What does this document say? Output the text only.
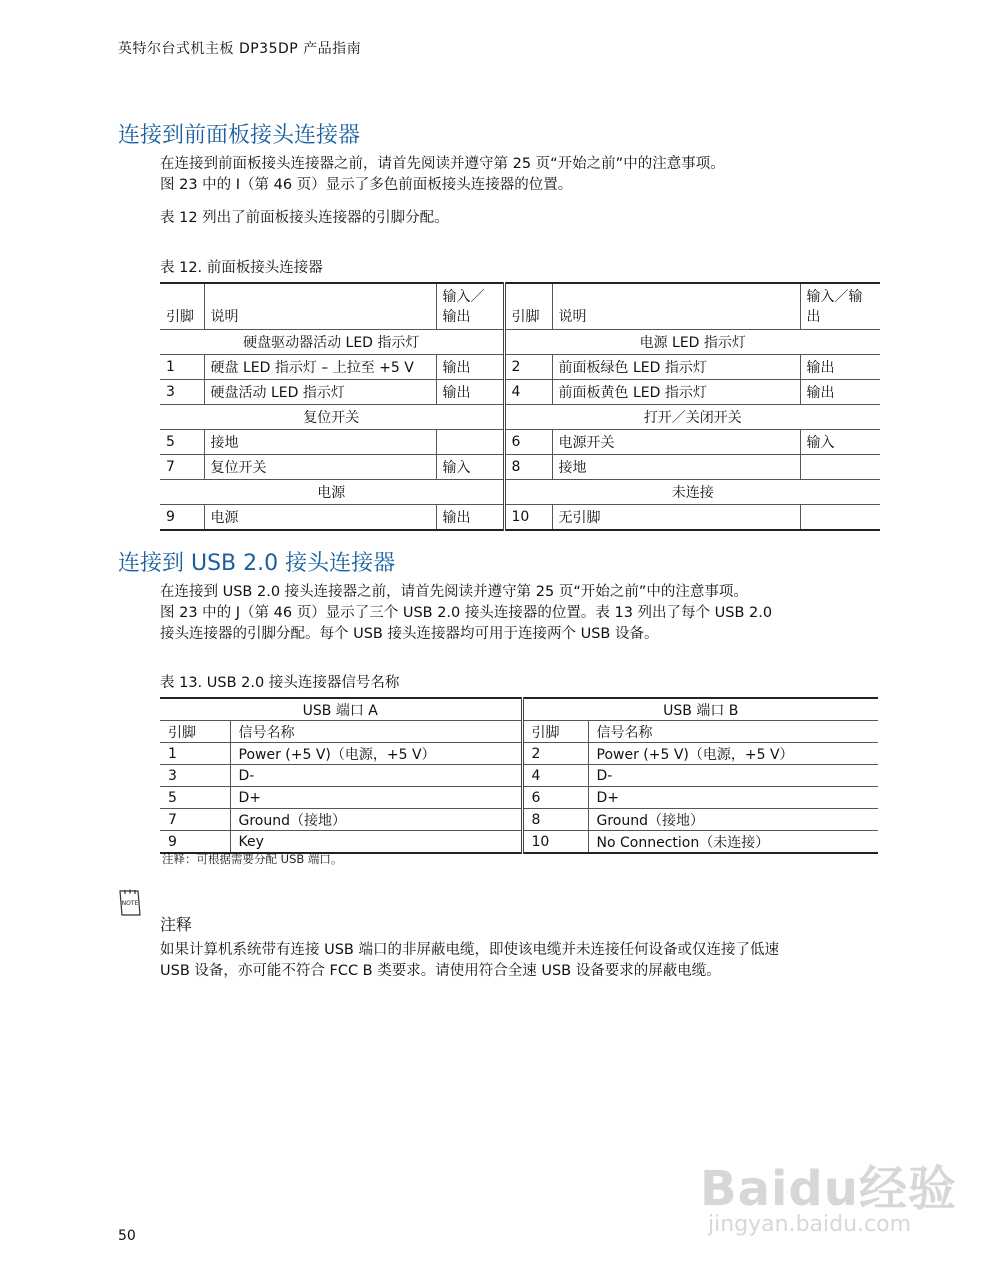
英特尔台式机主板 DP35DP 产品指南
连接到前面板接头连接器
在连接到前面板接头连接器之前，请首先阅读并遵守第 25 页“开始之前”中的注意事项。
图 23 中的 I（第 46 页）显示了多色前面板接头连接器的位置。
表 12 列出了前面板接头连接器的引脚分配。
表 12. 前面板接头连接器
引脚	说明	输入／输出	引脚	说明	输入／输出
硬盘驱动器活动 LED 指示灯			电源 LED 指示灯		
1	硬盘 LED 指示灯 – 上拉至 +5 V	输出	2	前面板绿色 LED 指示灯	输出
3	硬盘活动 LED 指示灯	输出	4	前面板黄色 LED 指示灯	输出
复位开关			打开／关闭开关		
5	接地		6	电源开关	输入
7	复位开关	输入	8	接地	
电源			未连接		
9	电源	输出	10	无引脚	
连接到 USB 2.0 接头连接器
在连接到 USB 2.0 接头连接器之前，请首先阅读并遵守第 25 页“开始之前”中的注意事项。
图 23 中的 J（第 46 页）显示了三个 USB 2.0 接头连接器的位置。表 13 列出了每个 USB 2.0
接头连接器的引脚分配。每个 USB 接头连接器均可用于连接两个 USB 设备。
表 13. USB 2.0 接头连接器信号名称
USB 端口 A		USB 端口 B	
引脚	信号名称	引脚	信号名称
1	Power (+5 V)（电源，+5 V）	2	Power (+5 V)（电源，+5 V）
3	D-	4	D-
5	D+	6	D+
7	Ground（接地）	8	Ground（接地）
9	Key	10	No Connection（未连接）
注释：可根据需要分配 USB 端口。
NOTE
注释
如果计算机系统带有连接 USB 端口的非屏蔽电缆，即使该电缆并未连接任何设备或仅连接了低速
USB 设备，亦可能不符合 FCC B 类要求。请使用符合全速 USB 设备要求的屏蔽电缆。
50
Baidu经验
jingyan.baidu.com
